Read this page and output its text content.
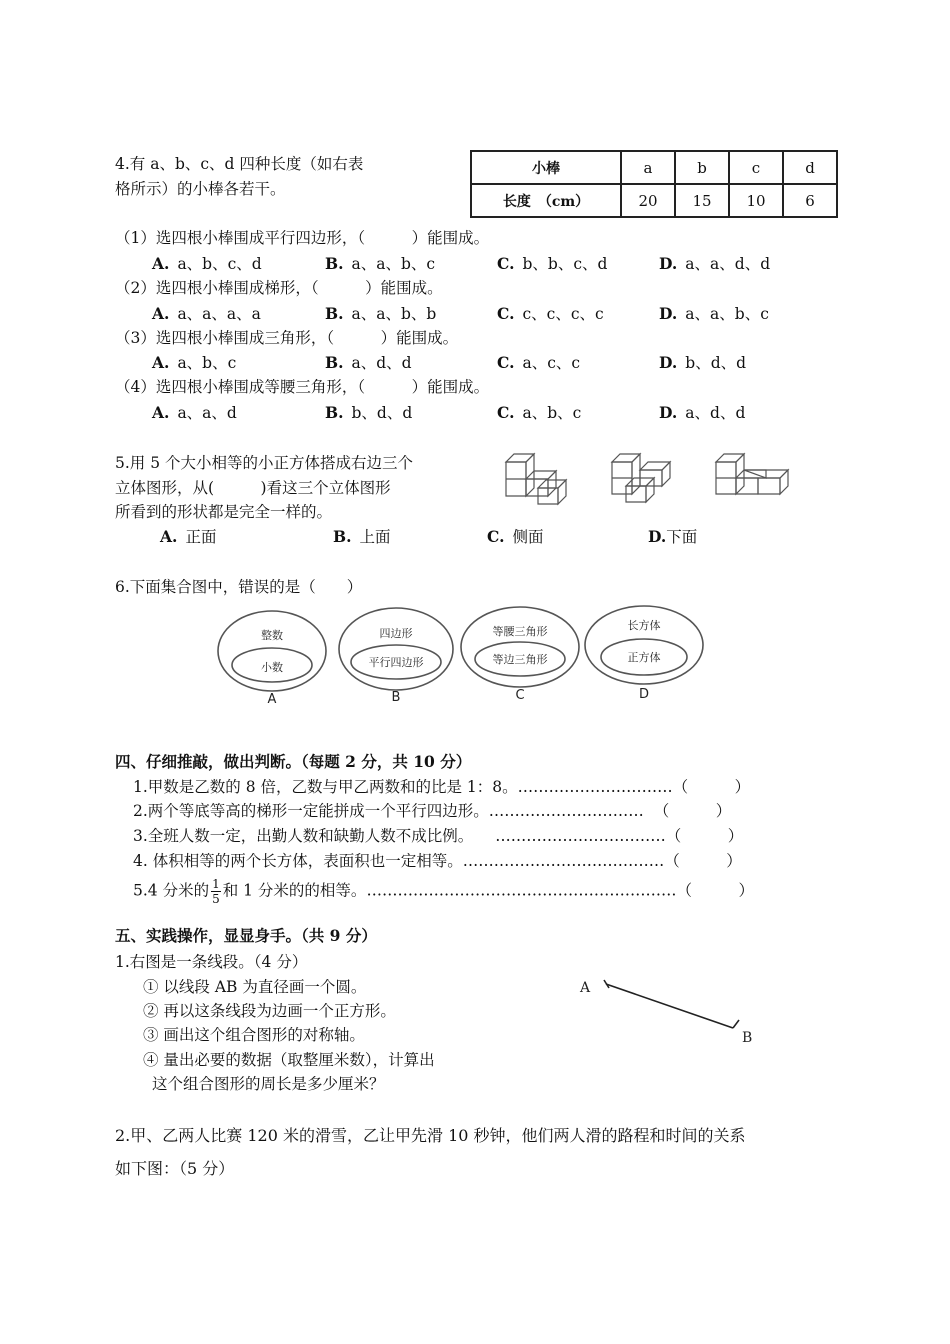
4.有 a、b、c、d 四种长度（如右表
格所示）的小棒各若干。
小棒	a	b	c	d
长度　（cm）	20	15	10	6
（1）选四根小棒围成平行四边形，（　　　）能围成。
A. a、b、c、d	B. a、a、b、c	C. b、b、c、d	D. a、a、d、d
（2）选四根小棒围成梯形，（　　　）能围成。
A. a、a、a、a	B. a、a、b、b	C. c、c、c、c	D. a、a、b、c
（3）选四根小棒围成三角形，（　　　）能围成。
A. a、b、c	B. a、d、d	C. a、c、c	D. b、d、d
（4）选四根小棒围成等腰三角形，（　　　）能围成。
A. a、a、d	B. b、d、d	C. a、b、c	D. a、d、d
5.用 5 个大小相等的小正方体搭成右边三个
立体图形，从(　　　)看这三个立体图形
所看到的形状都是完全一样的。
A. 正面	B. 上面	C. 侧面	D.下面
6.下面集合图中，错误的是（　　）
整数
小数
四边形
平行四边形
等腰三角形
等边三角形
长方体
正方体
A	B	C	D
四、仔细推敲，做出判断。（每题 2 分，共 10 分）
1.甲数是乙数的 8 倍，乙数与甲乙两数和的比是 1：8。…………………………（　　　）
2.两个等底等高的梯形一定能拼成一个平行四边形。………………………… （　　　）
3.全班人数一定，出勤人数和缺勤人数不成比例。 ……………………………（　　　）
4. 体积相等的两个长方体，表面积也一定相等。…………………………………（　　　）
5.4 分米的 $\frac{1}{5}$ 和 1 分米的的相等。……………………………………………………（　　　）
五、实践操作，显显身手。（共 9 分）
1.右图是一条线段。（4 分）
① 以线段 AB 为直径画一个圆。
② 再以这条线段为边画一个正方形。
③ 画出这个组合图形的对称轴。
④ 量出必要的数据（取整厘米数），计算出
这个组合图形的周长是多少厘米？
A
B
2.甲、乙两人比赛 120 米的滑雪，乙让甲先滑 10 秒钟，他们两人滑的路程和时间的关系
如下图：（5 分）
